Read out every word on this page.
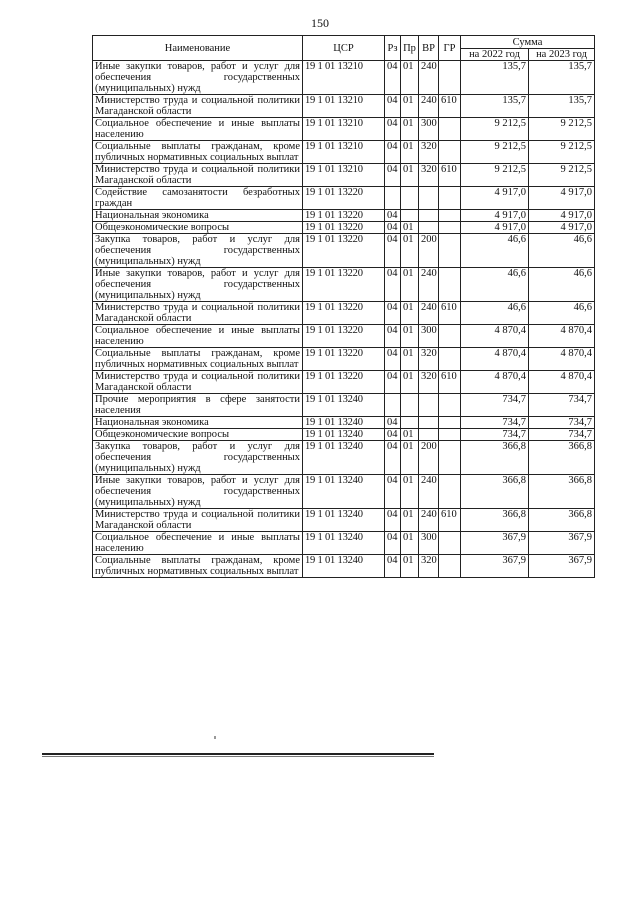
150
Наименование	ЦСР	Рз	Пр	ВР	ГР	Сумма	
						на 2022 год	на 2023 год
Иные закупки товаров, работ и услуг для обеспечения государственных (муниципальных) нужд	19 1 01 13210	04	01	240		135,7	135,7
Министерство труда и социальной политики Магаданской области	19 1 01 13210	04	01	240	610	135,7	135,7
Социальное обеспечение и иные выплаты населению	19 1 01 13210	04	01	300		9 212,5	9 212,5
Социальные выплаты гражданам, кроме публичных нормативных социальных выплат	19 1 01 13210	04	01	320		9 212,5	9 212,5
Министерство труда и социальной политики Магаданской области	19 1 01 13210	04	01	320	610	9 212,5	9 212,5
Содействие самозанятости безработных граждан	19 1 01 13220					4 917,0	4 917,0
Национальная экономика	19 1 01 13220	04				4 917,0	4 917,0
Общеэкономические вопросы	19 1 01 13220	04	01			4 917,0	4 917,0
Закупка товаров, работ и услуг для обеспечения государственных (муниципальных) нужд	19 1 01 13220	04	01	200		46,6	46,6
Иные закупки товаров, работ и услуг для обеспечения государственных (муниципальных) нужд	19 1 01 13220	04	01	240		46,6	46,6
Министерство труда и социальной политики Магаданской области	19 1 01 13220	04	01	240	610	46,6	46,6
Социальное обеспечение и иные выплаты населению	19 1 01 13220	04	01	300		4 870,4	4 870,4
Социальные выплаты гражданам, кроме публичных нормативных социальных выплат	19 1 01 13220	04	01	320		4 870,4	4 870,4
Министерство труда и социальной политики Магаданской области	19 1 01 13220	04	01	320	610	4 870,4	4 870,4
Прочие мероприятия в сфере занятости населения	19 1 01 13240					734,7	734,7
Национальная экономика	19 1 01 13240	04				734,7	734,7
Общеэкономические вопросы	19 1 01 13240	04	01			734,7	734,7
Закупка товаров, работ и услуг для обеспечения государственных (муниципальных) нужд	19 1 01 13240	04	01	200		366,8	366,8
Иные закупки товаров, работ и услуг для обеспечения государственных (муниципальных) нужд	19 1 01 13240	04	01	240		366,8	366,8
Министерство труда и социальной политики Магаданской области	19 1 01 13240	04	01	240	610	366,8	366,8
Социальное обеспечение и иные выплаты населению	19 1 01 13240	04	01	300		367,9	367,9
Социальные выплаты гражданам, кроме публичных нормативных социальных выплат	19 1 01 13240	04	01	320		367,9	367,9
